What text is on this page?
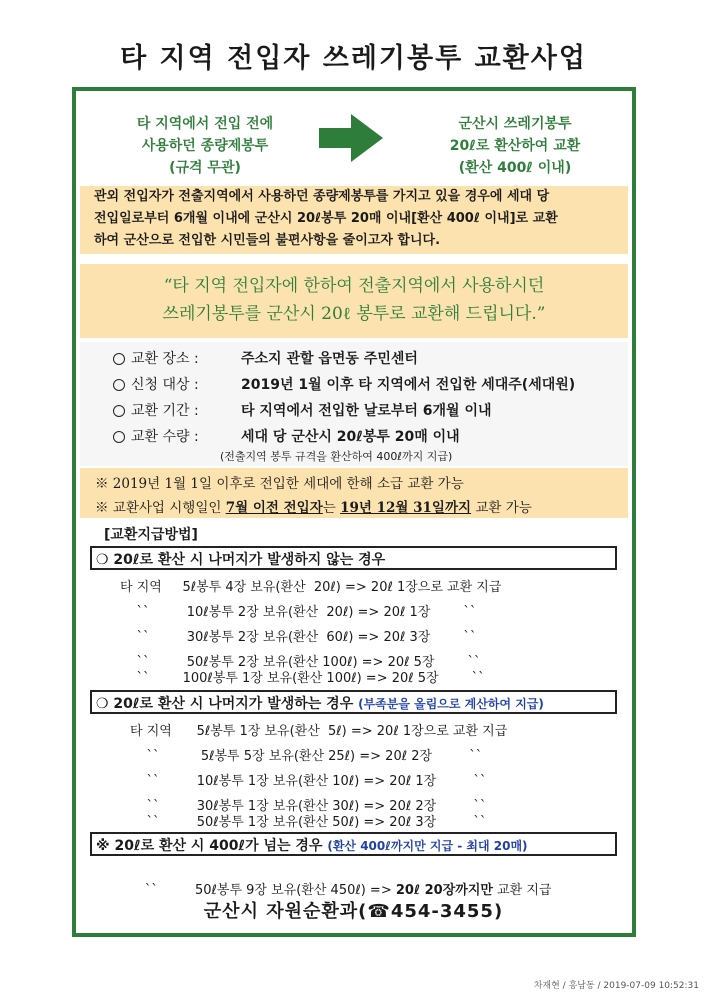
타 지역 전입자 쓰레기봉투 교환사업
타 지역에서 전입 전에
사용하던 종량제봉투
(규격 무관)
군산시 쓰레기봉투
20ℓ로 환산하여 교환
(환산 400ℓ 이내)
관외 전입자가 전출지역에서 사용하던 종량제봉투를 가지고 있을 경우에 세대 당
전입일로부터 6개월 이내에 군산시 20ℓ봉투 20매 이내[환산 400ℓ 이내]로 교환
하여 군산으로 전입한 시민들의 불편사항을 줄이고자 합니다.
“타 지역 전입자에 한하여 전출지역에서 사용하시던
쓰레기봉투를 군산시 20ℓ 봉투로 교환해 드립니다.”
교환 장소 :	주소지 관할 읍면동 주민센터
신청 대상 :	2019년 1월 이후 타 지역에서 전입한 세대주(세대원)
교환 기간 :	타 지역에서 전입한 날로부터 6개월 이내
교환 수량 :	세대 당 군산시 20ℓ봉투 20매 이내
(전출지역 봉투 규격을 환산하여 400ℓ까지 지급)
※ 2019년 1월 1일 이후로 전입한 세대에 한해 소급 교환 가능
※ 교환사업 시행일인 7월 이전 전입자는 19년 12월 31일까지 교환 가능
[교환지급방법]
❍ 20ℓ로 환산 시 나머지가 발생하지 않는 경우
타 지역     5ℓ봉투 4장 보유(환산  20ℓ) => 20ℓ 1장으로 교환 지급
ˋˋ         10ℓ봉투 2장 보유(환산  20ℓ) => 20ℓ 1장        ˋˋ
ˋˋ         30ℓ봉투 2장 보유(환산  60ℓ) => 20ℓ 3장        ˋˋ
ˋˋ         50ℓ봉투 2장 보유(환산 100ℓ) => 20ℓ 5장        ˋˋ
ˋˋ        100ℓ봉투 1장 보유(환산 100ℓ) => 20ℓ 5장        ˋˋ
❍ 20ℓ로 환산 시 나머지가 발생하는 경우 (부족분을 올림으로 계산하여 지급)
타 지역      5ℓ봉투 1장 보유(환산  5ℓ) => 20ℓ 1장으로 교환 지급
ˋˋ          5ℓ봉투 5장 보유(환산 25ℓ) => 20ℓ 2장         ˋˋ
ˋˋ         10ℓ봉투 1장 보유(환산 10ℓ) => 20ℓ 1장         ˋˋ
ˋˋ         30ℓ봉투 1장 보유(환산 30ℓ) => 20ℓ 2장         ˋˋ
ˋˋ         50ℓ봉투 1장 보유(환산 50ℓ) => 20ℓ 3장         ˋˋ
※ 20ℓ로 환산 시 400ℓ가 넘는 경우 (환산 400ℓ까지만 지급 - 최대 20매)

ˋˋ         50ℓ봉투 9장 보유(환산 450ℓ) => 20ℓ 20장까지만 교환 지급

군산시 자원순환과(☎454-3455)
차재현 / 흥남동 / 2019-07-09 10:52:31
